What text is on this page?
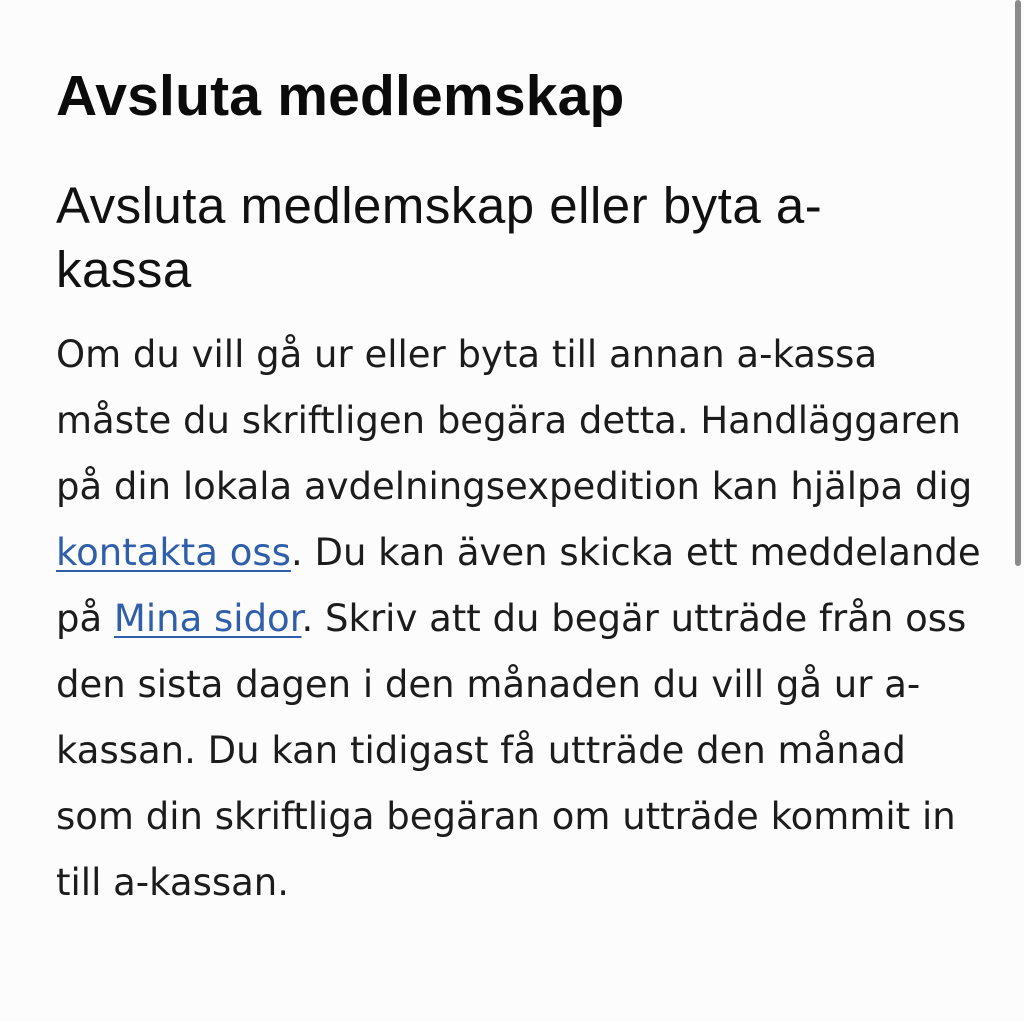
Avsluta medlemskap
Avsluta medlemskap eller byta a-kassa

Om du vill gå ur eller byta till annan a-kassa måste du skriftligen begära detta. Handläggaren på din lokala avdelningsexpedition kan hjälpa dig kontakta oss. Du kan även skicka ett meddelande på Mina sidor. Skriv att du begär utträde från oss den sista dagen i den månaden du vill gå ur a-kassan. Du kan tidigast få utträde den månad som din skriftliga begäran om utträde kommit in till a-kassan.
